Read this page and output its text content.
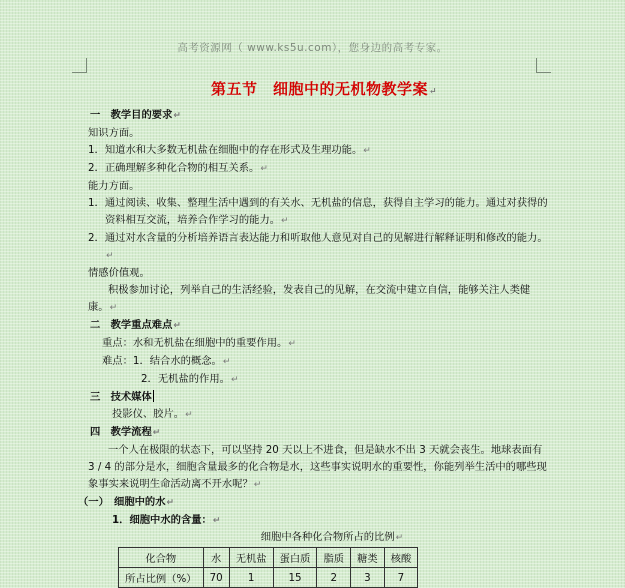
高考资源网（ www.ks5u.com），您身边的高考专家。
第五节　细胞中的无机物教学案↵
一　教学目的要求↵
知识方面。
1．知道水和大多数无机盐在细胞中的存在形式及生理功能。↵
2．正确理解多种化合物的相互关系。↵
能力方面。
1．通过阅读、收集、整理生活中遇到的有关水、无机盐的信息，获得自主学习的能力。通过对获得的资料相互交流，培养合作学习的能力。↵
2．通过对水含量的分析培养语言表达能力和听取他人意见对自己的见解进行解释证明和修改的能力。↵
情感价值观。
积极参加讨论，列举自己的生活经验，发表自己的见解，在交流中建立自信，能够关注人类健康。↵
二　教学重点难点↵
重点：水和无机盐在细胞中的重要作用。↵
难点：1．结合水的概念。↵
2．无机盐的作用。↵
三　技术媒体
投影仪、胶片。↵
四　教学流程↵
一个人在极限的状态下，可以坚持 20 天以上不进食，但是缺水不出 3 天就会丧生。地球表面有 3 / 4 的部分是水，细胞含量最多的化合物是水，这些事实说明水的重要性，你能列举生活中的哪些现象事实来说明生命活动离不开水呢？↵
（一）　细胞中的水↵
1．细胞中水的含量：↵
细胞中各种化合物所占的比例↵
化合物	水	无机盐	蛋白质	脂质	糖类	核酸
所占比例（%）	70	1	15	2	3	7
